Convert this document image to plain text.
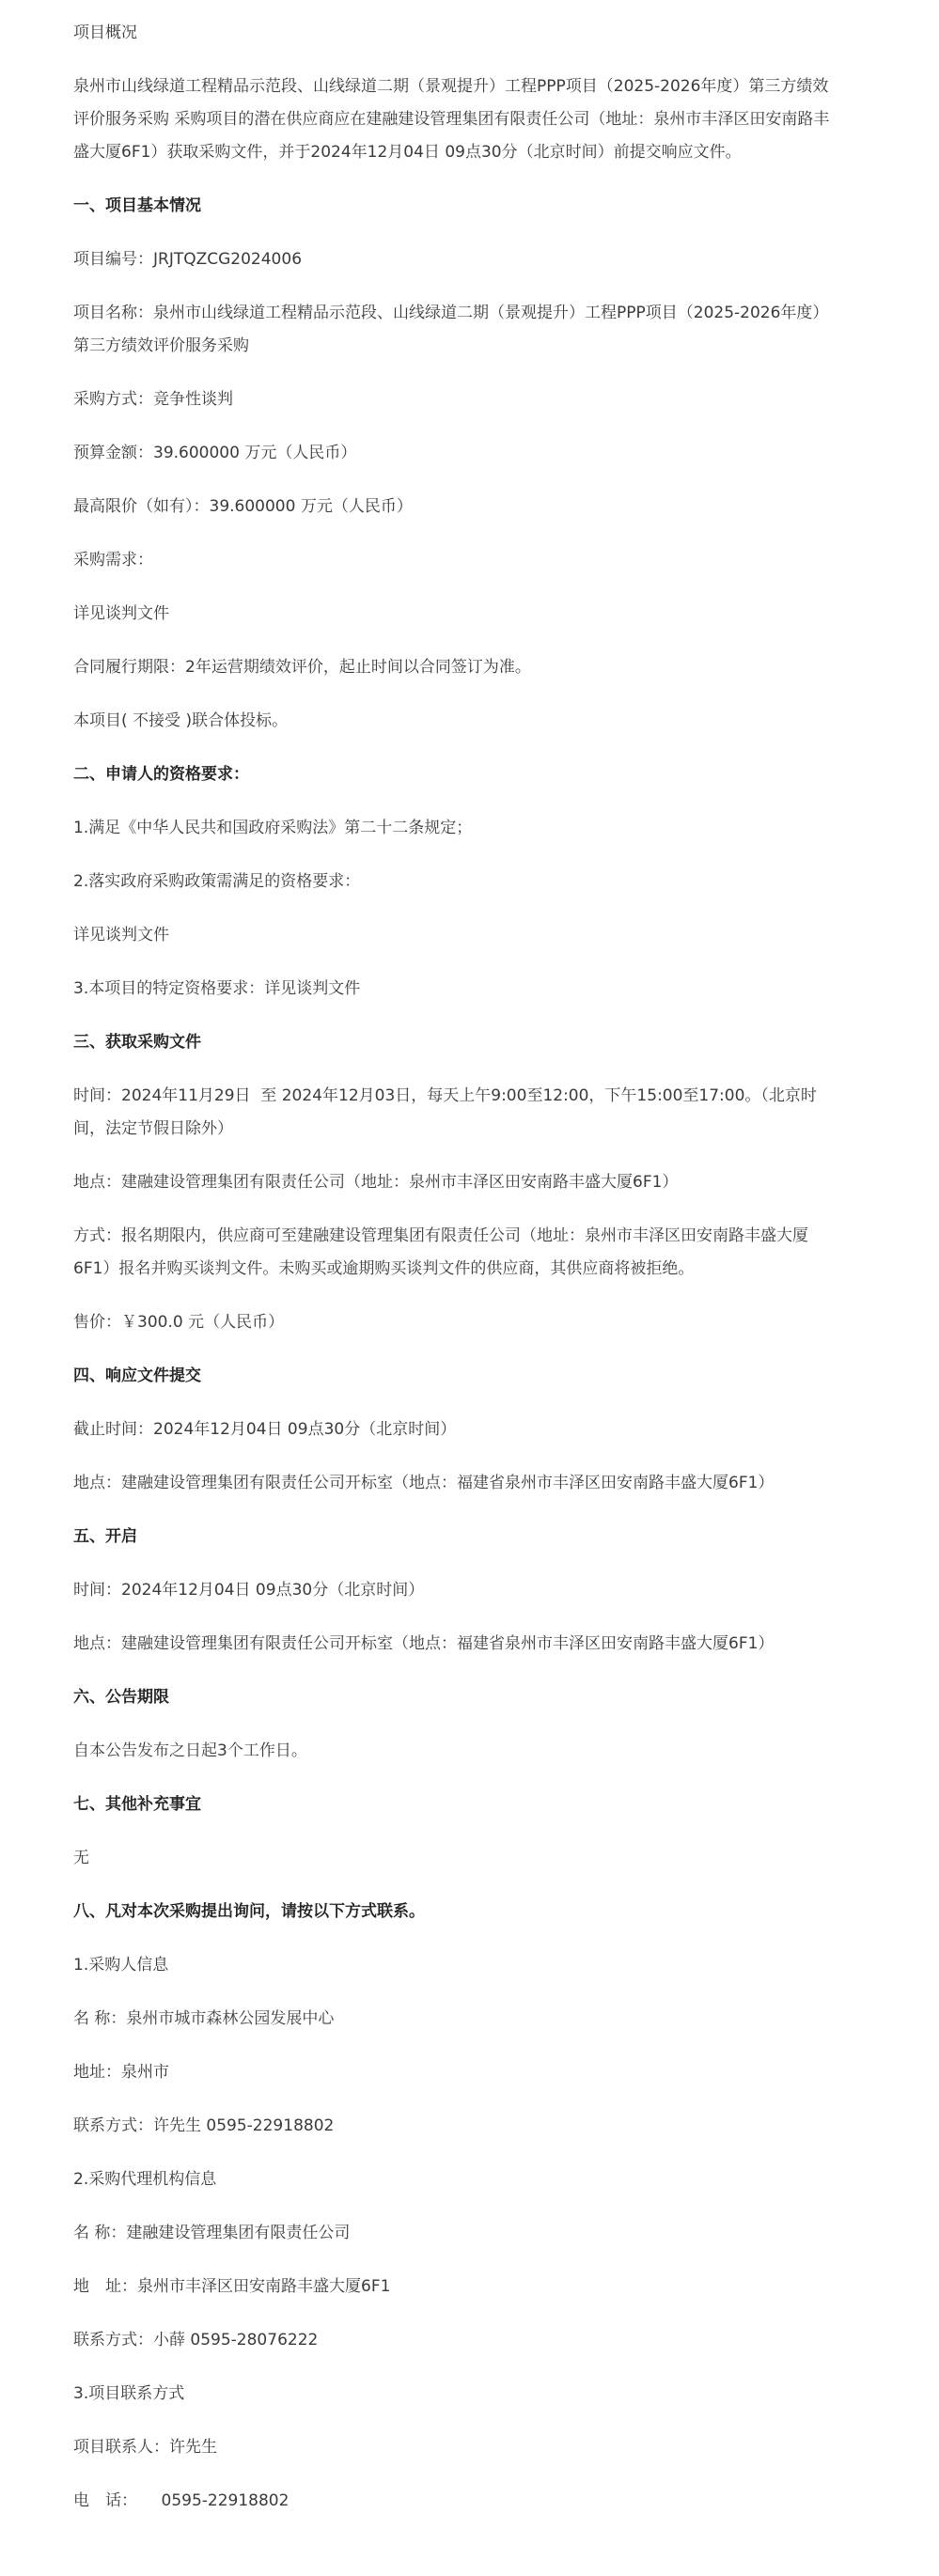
项目概况
泉州市山线绿道工程精品示范段、山线绿道二期（景观提升）工程PPP项目（2025-2026年度）第三方绩效评价服务采购 采购项目的潜在供应商应在建融建设管理集团有限责任公司（地址：泉州市丰泽区田安南路丰盛大厦6F1）获取采购文件，并于2024年12月04日 09点30分（北京时间）前提交响应文件。
一、项目基本情况
项目编号：JRJTQZCG2024006
项目名称：泉州市山线绿道工程精品示范段、山线绿道二期（景观提升）工程PPP项目（2025-2026年度）第三方绩效评价服务采购
采购方式：竞争性谈判
预算金额：39.600000 万元（人民币）
最高限价（如有）：39.600000 万元（人民币）
采购需求：
详见谈判文件
合同履行期限：2年运营期绩效评价，起止时间以合同签订为准。
本项目( 不接受 )联合体投标。
二、申请人的资格要求：
1.满足《中华人民共和国政府采购法》第二十二条规定；
2.落实政府采购政策需满足的资格要求：
详见谈判文件
3.本项目的特定资格要求：详见谈判文件
三、获取采购文件
时间：2024年11月29日  至 2024年12月03日，每天上午9:00至12:00，下午15:00至17:00。（北京时间，法定节假日除外）
地点：建融建设管理集团有限责任公司（地址：泉州市丰泽区田安南路丰盛大厦6F1）
方式：报名期限内，供应商可至建融建设管理集团有限责任公司（地址：泉州市丰泽区田安南路丰盛大厦6F1）报名并购买谈判文件。未购买或逾期购买谈判文件的供应商，其供应商将被拒绝。
售价：￥300.0 元（人民币）
四、响应文件提交
截止时间：2024年12月04日 09点30分（北京时间）
地点：建融建设管理集团有限责任公司开标室（地点：福建省泉州市丰泽区田安南路丰盛大厦6F1）
五、开启
时间：2024年12月04日 09点30分（北京时间）
地点：建融建设管理集团有限责任公司开标室（地点：福建省泉州市丰泽区田安南路丰盛大厦6F1）
六、公告期限
自本公告发布之日起3个工作日。
七、其他补充事宜
无
八、凡对本次采购提出询问，请按以下方式联系。
1.采购人信息
名 称：泉州市城市森林公园发展中心
地址：泉州市
联系方式：许先生 0595-22918802
2.采购代理机构信息
名 称：建融建设管理集团有限责任公司
地　址：泉州市丰泽区田安南路丰盛大厦6F1
联系方式：小薛 0595-28076222
3.项目联系方式
项目联系人：许先生
电　话：　　0595-22918802
